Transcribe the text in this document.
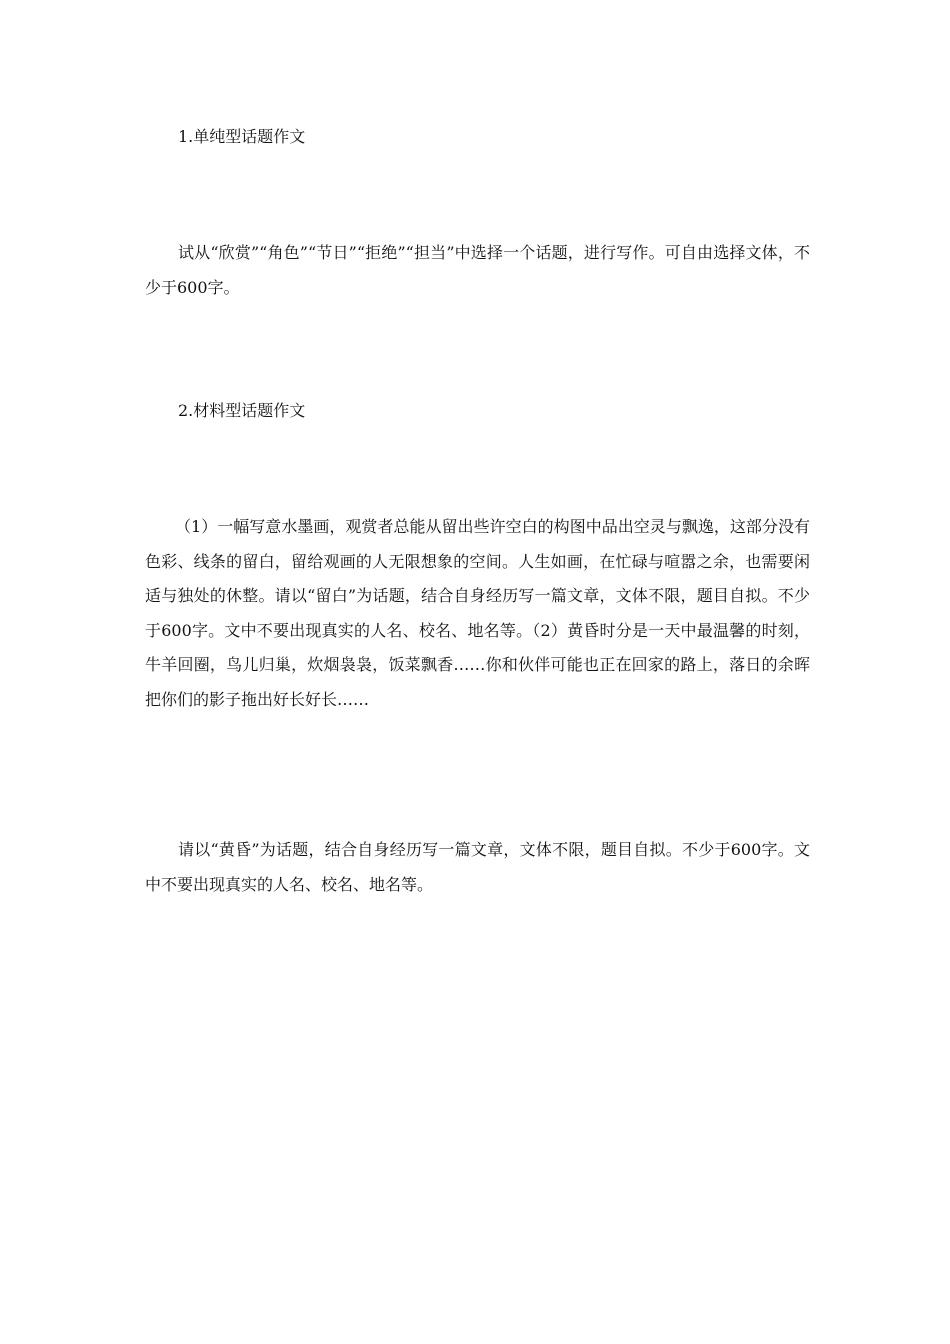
1.单纯型话题作文
试从“欣赏”“角色”“节日”“拒绝”“担当”中选择一个话题，进行写作。可自由选择文体，不少于600字。
2.材料型话题作文
（1）一幅写意水墨画，观赏者总能从留出些许空白的构图中品出空灵与飘逸，这部分没有色彩、线条的留白，留给观画的人无限想象的空间。人生如画，在忙碌与喧嚣之余，也需要闲适与独处的休整。请以“留白”为话题，结合自身经历写一篇文章，文体不限，题目自拟。不少于600字。文中不要出现真实的人名、校名、地名等。（2）黄昏时分是一天中最温馨的时刻，牛羊回圈，鸟儿归巢，炊烟袅袅，饭菜飘香……你和伙伴可能也正在回家的路上，落日的余晖把你们的影子拖出好长好长……
请以“黄昏”为话题，结合自身经历写一篇文章，文体不限，题目自拟。不少于600字。文中不要出现真实的人名、校名、地名等。
